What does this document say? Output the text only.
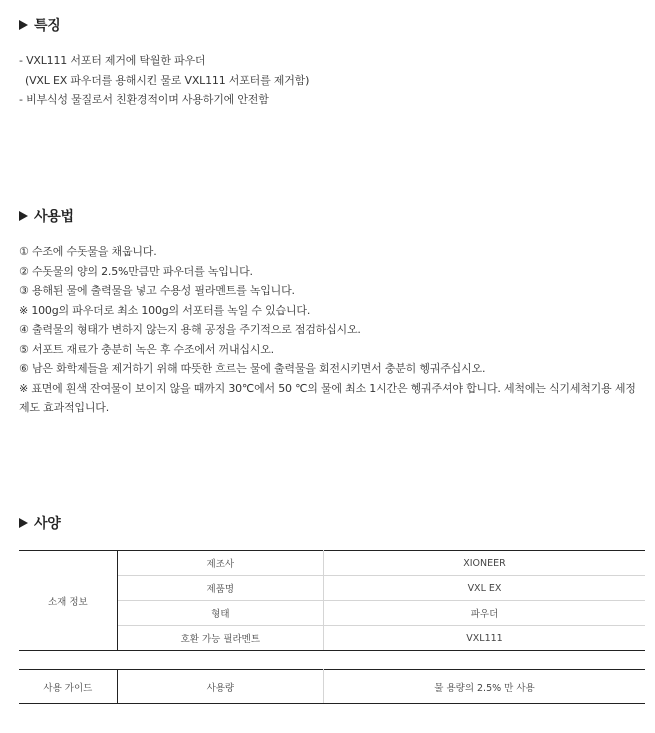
특징
- VXL111 서포터 제거에 탁월한 파우더
(VXL EX 파우더를 용해시킨 물로 VXL111 서포터를 제거함)
- 비부식성 물질로서 친환경적이며 사용하기에 안전함
사용법
① 수조에 수돗물을 채웁니다.
② 수돗물의 양의 2.5%만큼만 파우더를 녹입니다.
③ 용해된 물에 출력물을 넣고 수용성 필라멘트를 녹입니다.
※ 100g의 파우더로 최소 100g의 서포터를 녹일 수 있습니다.
④ 출력물의 형태가 변하지 않는지 용해 공정을 주기적으로 점검하십시오.
⑤ 서포트 재료가 충분히 녹은 후 수조에서 꺼내십시오.
⑥ 남은 화학제들을 제거하기 위해 따뜻한 흐르는 물에 출력물을 회전시키면서 충분히 헹궈주십시오.
※ 표면에 흰색 잔여물이 보이지 않을 때까지 30℃에서 50 ℃의 물에 최소 1시간은 헹궈주셔야 합니다. 세척에는 식기세척기용 세정제도 효과적입니다.
사양
소재 정보	제조사	XIONEER
	제품명	VXL EX
	형태	파우더
	호환 가능 필라멘트	VXL111
사용 가이드	사용량	물 용량의 2.5% 만 사용
